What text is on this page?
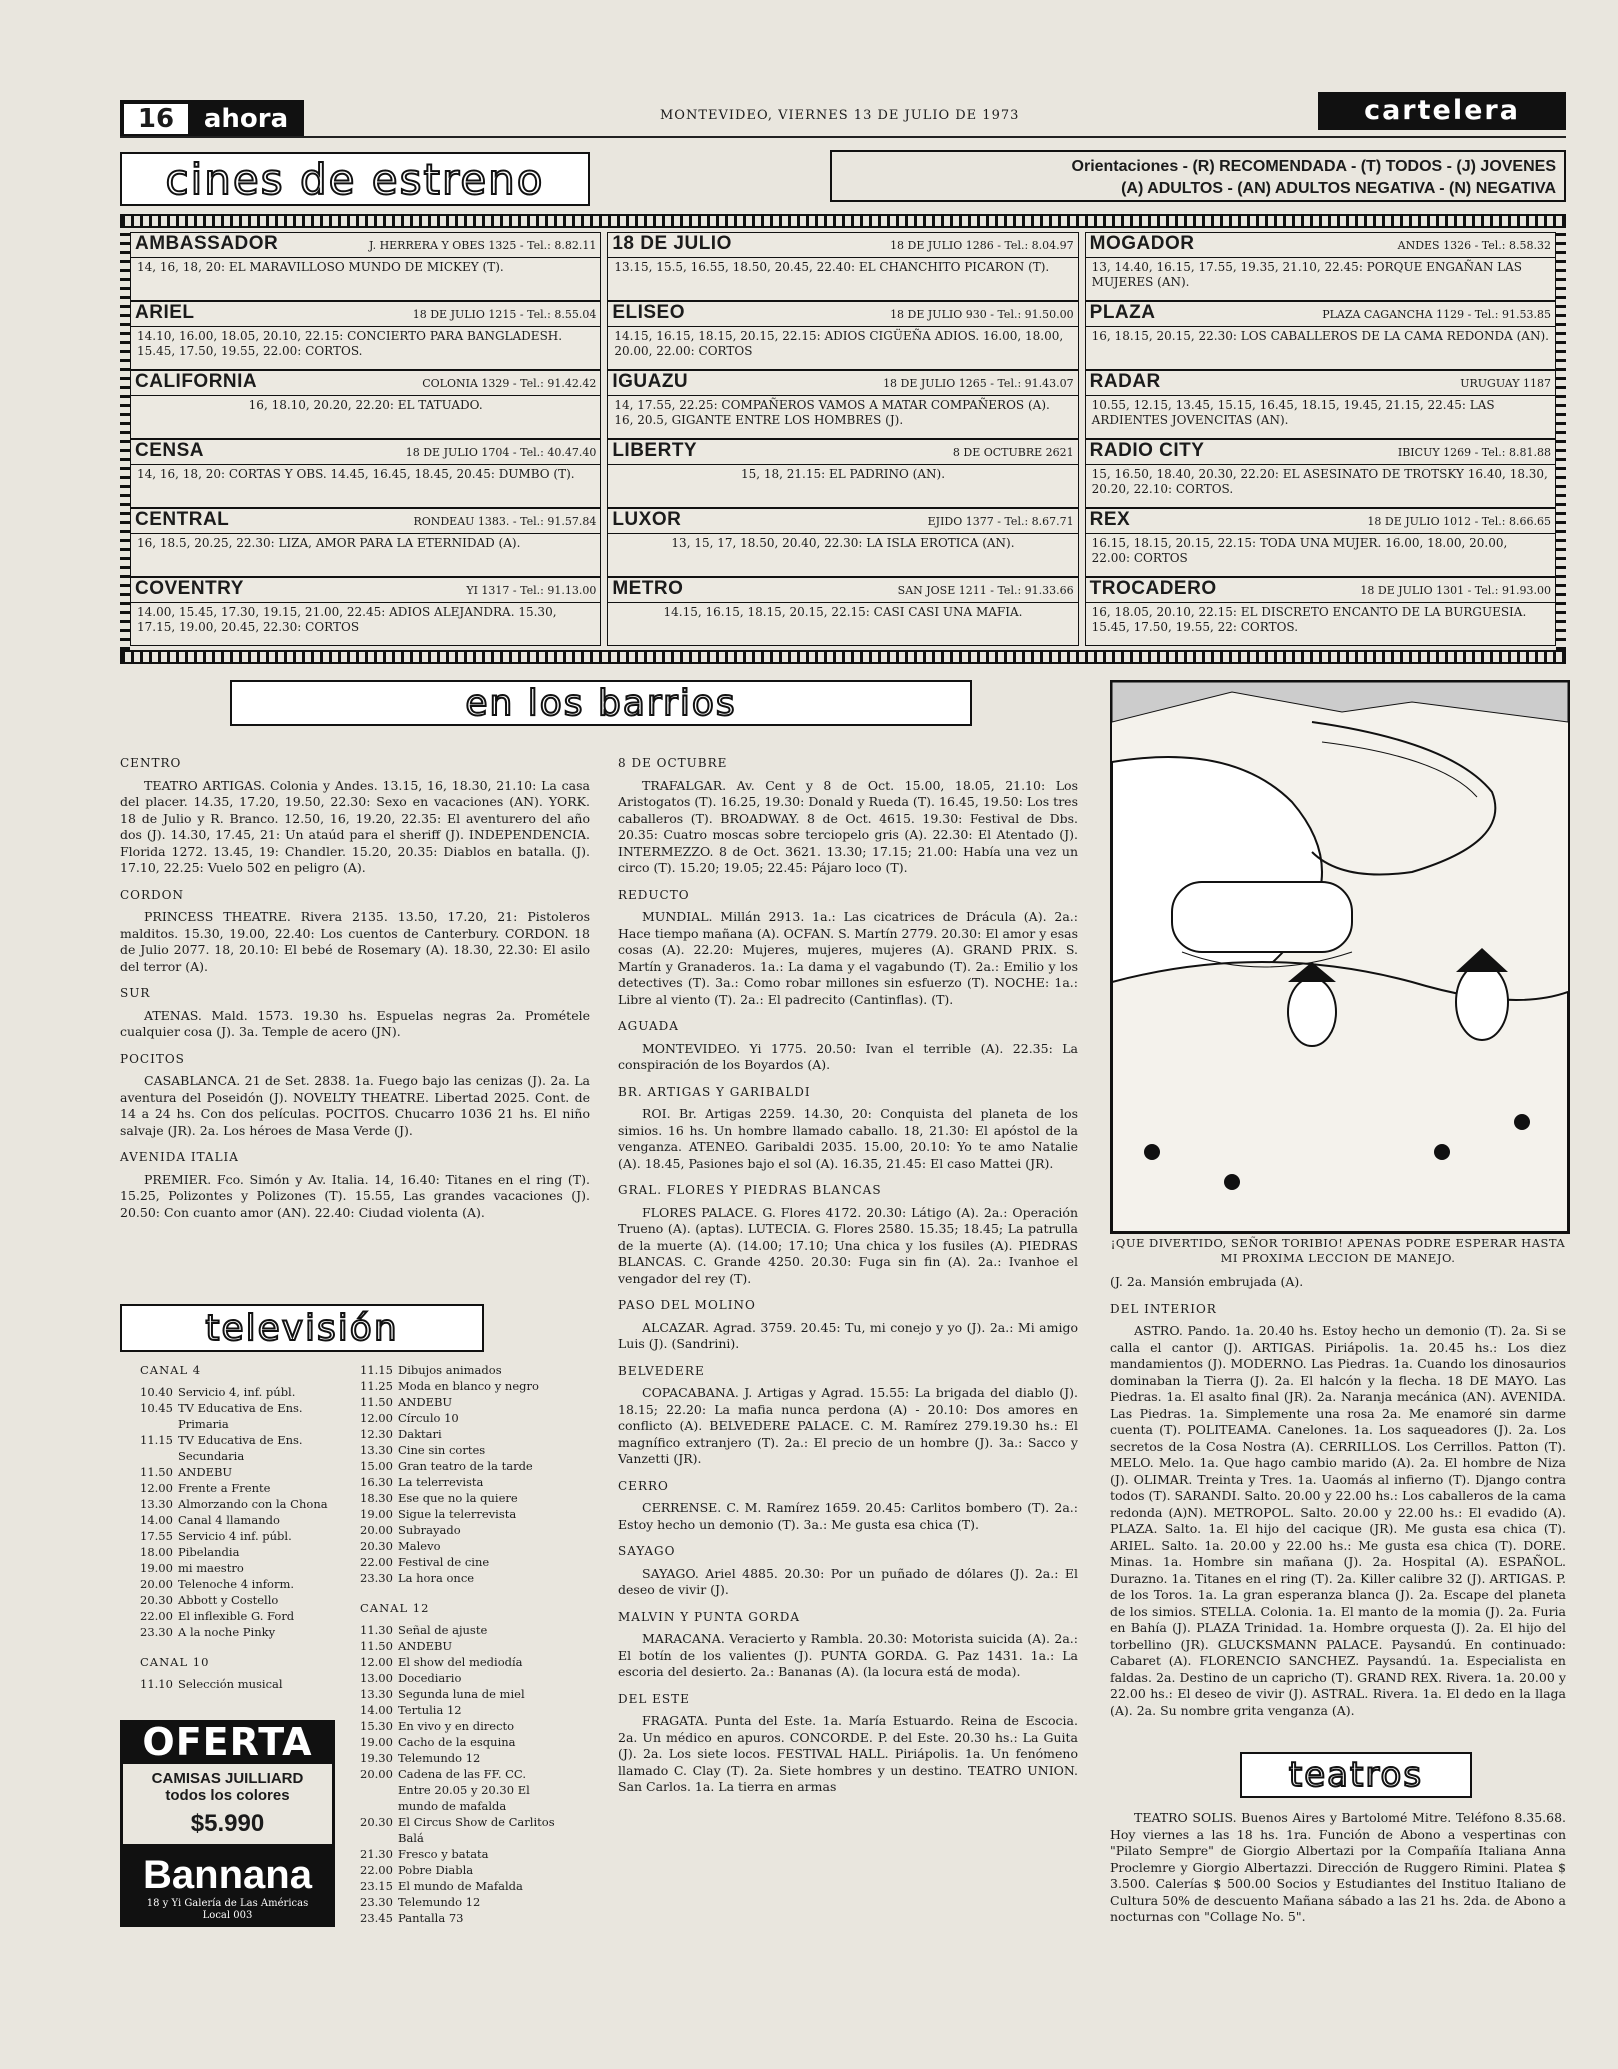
16	ahora	MONTEVIDEO, VIERNES 13 DE JULIO DE 1973	cartelera
cines de estreno	Orientaciones - (R) RECOMENDADA - (T) TODOS - (J) JOVENES
(A) ADULTOS - (AN) ADULTOS NEGATIVA - (N) NEGATIVA
AMBASSADOR	J. HERRERA Y OBES 1325 - Tel.: 8.82.11
14, 16, 18, 20: EL MARAVILLOSO MUNDO DE MICKEY (T).
ARIEL	18 DE JULIO 1215 - Tel.: 8.55.04
14.10, 16.00, 18.05, 20.10, 22.15: CONCIERTO PARA BANGLADESH. 15.45, 17.50, 19.55, 22.00: CORTOS.
CALIFORNIA	COLONIA 1329 - Tel.: 91.42.42
16, 18.10, 20.20, 22.20: EL TATUADO.
CENSA	18 DE JULIO 1704 - Tel.: 40.47.40
14, 16, 18, 20: CORTAS Y OBS. 14.45, 16.45, 18.45, 20.45: DUMBO (T).
CENTRAL	RONDEAU 1383. - Tel.: 91.57.84
16, 18.5, 20.25, 22.30: LIZA, AMOR PARA LA ETERNIDAD (A).
COVENTRY	YI 1317 - Tel.: 91.13.00
14.00, 15.45, 17.30, 19.15, 21.00, 22.45: ADIOS ALEJANDRA. 15.30, 17.15, 19.00, 20.45, 22.30: CORTOS
18 DE JULIO	18 DE JULIO 1286 - Tel.: 8.04.97
13.15, 15.5, 16.55, 18.50, 20.45, 22.40: EL CHANCHITO PICARON (T).
ELISEO	18 DE JULIO 930 - Tel.: 91.50.00
14.15, 16.15, 18.15, 20.15, 22.15: ADIOS CIGÜEÑA ADIOS. 16.00, 18.00, 20.00, 22.00: CORTOS
IGUAZU	18 DE JULIO 1265 - Tel.: 91.43.07
14, 17.55, 22.25: COMPAÑEROS VAMOS A MATAR COMPAÑEROS (A). 16, 20.5, GIGANTE ENTRE LOS HOMBRES (J).
LIBERTY	8 DE OCTUBRE 2621
15, 18, 21.15: EL PADRINO (AN).
LUXOR	EJIDO 1377 - Tel.: 8.67.71
13, 15, 17, 18.50, 20.40, 22.30: LA ISLA EROTICA (AN).
METRO	SAN JOSE 1211 - Tel.: 91.33.66
14.15, 16.15, 18.15, 20.15, 22.15: CASI CASI UNA MAFIA.
MOGADOR	ANDES 1326 - Tel.: 8.58.32
13, 14.40, 16.15, 17.55, 19.35, 21.10, 22.45: PORQUE ENGAÑAN LAS MUJERES (AN).
PLAZA	PLAZA CAGANCHA 1129 - Tel.: 91.53.85
16, 18.15, 20.15, 22.30: LOS CABALLEROS DE LA CAMA REDONDA (AN).
RADAR	URUGUAY 1187
10.55, 12.15, 13.45, 15.15, 16.45, 18.15, 19.45, 21.15, 22.45: LAS ARDIENTES JOVENCITAS (AN).
RADIO CITY	IBICUY 1269 - Tel.: 8.81.88
15, 16.50, 18.40, 20.30, 22.20: EL ASESINATO DE TROTSKY 16.40, 18.30, 20.20, 22.10: CORTOS.
REX	18 DE JULIO 1012 - Tel.: 8.66.65
16.15, 18.15, 20.15, 22.15: TODA UNA MUJER. 16.00, 18.00, 20.00, 22.00: CORTOS
TROCADERO	18 DE JULIO 1301 - Tel.: 91.93.00
16, 18.05, 20.10, 22.15: EL DISCRETO ENCANTO DE LA BURGUESIA. 15.45, 17.50, 19.55, 22: CORTOS.
en los barrios
CENTRO

TEATRO ARTIGAS. Colonia y Andes. 13.15, 16, 18.30, 21.10: La casa del placer. 14.35, 17.20, 19.50, 22.30: Sexo en vacaciones (AN). YORK. 18 de Julio y R. Branco. 12.50, 16, 19.20, 22.35: El aventurero del año dos (J). 14.30, 17.45, 21: Un ataúd para el sheriff (J). INDEPENDENCIA. Florida 1272. 13.45, 19: Chandler. 15.20, 20.35: Diablos en batalla. (J). 17.10, 22.25: Vuelo 502 en peligro (A).

CORDON

PRINCESS THEATRE. Rivera 2135. 13.50, 17.20, 21: Pistoleros malditos. 15.30, 19.00, 22.40: Los cuentos de Canterbury. CORDON. 18 de Julio 2077. 18, 20.10: El bebé de Rosemary (A). 18.30, 22.30: El asilo del terror (A).

SUR

ATENAS. Mald. 1573. 19.30 hs. Espuelas negras 2a. Prométele cualquier cosa (J). 3a. Temple de acero (JN).

POCITOS

CASABLANCA. 21 de Set. 2838. 1a. Fuego bajo las cenizas (J). 2a. La aventura del Poseidón (J). NOVELTY THEATRE. Libertad 2025. Cont. de 14 a 24 hs. Con dos películas. POCITOS. Chucarro 1036 21 hs. El niño salvaje (JR). 2a. Los héroes de Masa Verde (J).

AVENIDA ITALIA

PREMIER. Fco. Simón y Av. Italia. 14, 16.40: Titanes en el ring (T). 15.25, Polizontes y Polizones (T). 15.55, Las grandes vacaciones (J). 20.50: Con cuanto amor (AN). 22.40: Ciudad violenta (A).

8 DE OCTUBRE

TRAFALGAR. Av. Cent y 8 de Oct. 15.00, 18.05, 21.10: Los Aristogatos (T). 16.25, 19.30: Donald y Rueda (T). 16.45, 19.50: Los tres caballeros (T). BROADWAY. 8 de Oct. 4615. 19.30: Festival de Dbs. 20.35: Cuatro moscas sobre terciopelo gris (A). 22.30: El Atentado (J). INTERMEZZO. 8 de Oct. 3621. 13.30; 17.15; 21.00: Había una vez un circo (T). 15.20; 19.05; 22.45: Pájaro loco (T).

REDUCTO

MUNDIAL. Millán 2913. 1a.: Las cicatrices de Drácula (A). 2a.: Hace tiempo mañana (A). OCFAN. S. Martín 2779. 20.30: El amor y esas cosas (A). 22.20: Mujeres, mujeres, mujeres (A). GRAND PRIX. S. Martín y Granaderos. 1a.: La dama y el vagabundo (T). 2a.: Emilio y los detectives (T). 3a.: Como robar millones sin esfuerzo (T). NOCHE: 1a.: Libre al viento (T). 2a.: El padrecito (Cantinflas). (T).

AGUADA

MONTEVIDEO. Yi 1775. 20.50: Ivan el terrible (A). 22.35: La conspiración de los Boyardos (A).

BR. ARTIGAS Y GARIBALDI

ROI. Br. Artigas 2259. 14.30, 20: Conquista del planeta de los simios. 16 hs. Un hombre llamado caballo. 18, 21.30: El apóstol de la venganza. ATENEO. Garibaldi 2035. 15.00, 20.10: Yo te amo Natalie (A). 18.45, Pasiones bajo el sol (A). 16.35, 21.45: El caso Mattei (JR).

GRAL. FLORES Y PIEDRAS BLANCAS

FLORES PALACE. G. Flores 4172. 20.30: Látigo (A). 2a.: Operación Trueno (A). (aptas). LUTECIA. G. Flores 2580. 15.35; 18.45; La patrulla de la muerte (A). (14.00; 17.10; Una chica y los fusiles (A). PIEDRAS BLANCAS. C. Grande 4250. 20.30: Fuga sin fin (A). 2a.: Ivanhoe el vengador del rey (T).

PASO DEL MOLINO

ALCAZAR. Agrad. 3759. 20.45: Tu, mi conejo y yo (J). 2a.: Mi amigo Luis (J). (Sandrini).

BELVEDERE

COPACABANA. J. Artigas y Agrad. 15.55: La brigada del diablo (J). 18.15; 22.20: La mafia nunca perdona (A) - 20.10: Dos amores en conflicto (A). BELVEDERE PALACE. C. M. Ramírez 279.19.30 hs.: El magnífico extranjero (T). 2a.: El precio de un hombre (J). 3a.: Sacco y Vanzetti (JR).

CERRO

CERRENSE. C. M. Ramírez 1659. 20.45: Carlitos bombero (T). 2a.: Estoy hecho un demonio (T). 3a.: Me gusta esa chica (T).

SAYAGO

SAYAGO. Ariel 4885. 20.30: Por un puñado de dólares (J). 2a.: El deseo de vivir (J).

MALVIN Y PUNTA GORDA

MARACANA. Veracierto y Rambla. 20.30: Motorista suicida (A). 2a.: El botín de los valientes (J). PUNTA GORDA. G. Paz 1431. 1a.: La escoria del desierto. 2a.: Bananas (A). (la locura está de moda).

DEL ESTE

FRAGATA. Punta del Este. 1a. María Estuardo. Reina de Escocia. 2a. Un médico en apuros. CONCORDE. P. del Este. 20.30 hs.: La Guita (J). 2a. Los siete locos. FESTIVAL HALL. Piriápolis. 1a. Un fenómeno llamado C. Clay (T). 2a. Siete hombres y un destino. TEATRO UNION. San Carlos. 1a. La tierra en armas

televisión
CANAL 4
10.40 Servicio 4, inf. públ.
10.45 TV Educativa de Ens. Primaria
11.15 TV Educativa de Ens. Secundaria
11.50 ANDEBU
12.00 Frente a Frente
13.30 Almorzando con la Chona
14.00 Canal 4 llamando
17.55 Servicio 4 inf. públ.
18.00 Pibelandia
19.00 mi maestro
20.00 Telenoche 4 inform.
20.30 Abbott y Costello
22.00 El inflexible G. Ford
23.30 A la noche Pinky
CANAL 10
11.10 Selección musical
11.15 Dibujos animados
11.25 Moda en blanco y negro
11.50 ANDEBU
12.00 Círculo 10
12.30 Daktari
13.30 Cine sin cortes
15.00 Gran teatro de la tarde
16.30 La telerrevista
18.30 Ese que no la quiere
19.00 Sigue la telerrevista
20.00 Subrayado
20.30 Malevo
22.00 Festival de cine
23.30 La hora once
CANAL 12
11.30 Señal de ajuste
11.50 ANDEBU
12.00 El show del mediodía
13.00 Docediario
13.30 Segunda luna de miel
14.00 Tertulia 12
15.30 En vivo y en directo
19.00 Cacho de la esquina
19.30 Telemundo 12
20.00 Cadena de las FF. CC. Entre 20.05 y 20.30 El mundo de mafalda
20.30 El Circus Show de Carlitos Balá
21.30 Fresco y batata
22.00 Pobre Diabla
23.15 El mundo de Mafalda
23.30 Telemundo 12
23.45 Pantalla 73
OFERTA
CAMISAS JUILLIARD
todos los colores
$5.990
Bannana
18 y Yi Galería de Las Américas
Local 003
¡QUE DIVERTIDO, SEÑOR TORIBIO! APENAS PODRE ESPERAR HASTA MI PROXIMA LECCION DE MANEJO.

(J. 2a. Mansión embrujada (A).

DEL INTERIOR

ASTRO. Pando. 1a. 20.40 hs. Estoy hecho un demonio (T). 2a. Si se calla el cantor (J). ARTIGAS. Piriápolis. 1a. 20.45 hs.: Los diez mandamientos (J). MODERNO. Las Piedras. 1a. Cuando los dinosaurios dominaban la Tierra (J). 2a. El halcón y la flecha. 18 DE MAYO. Las Piedras. 1a. El asalto final (JR). 2a. Naranja mecánica (AN). AVENIDA. Las Piedras. 1a. Simplemente una rosa 2a. Me enamoré sin darme cuenta (T). POLITEAMA. Canelones. 1a. Los saqueadores (J). 2a. Los secretos de la Cosa Nostra (A). CERRILLOS. Los Cerrillos. Patton (T). MELO. Melo. 1a. Que hago cambio marido (A). 2a. El hombre de Niza (J). OLIMAR. Treinta y Tres. 1a. Uaomás al infierno (T). Django contra todos (T). SARANDI. Salto. 20.00 y 22.00 hs.: Los caballeros de la cama redonda (A)N). METROPOL. Salto. 20.00 y 22.00 hs.: El evadido (A). PLAZA. Salto. 1a. El hijo del cacique (JR). Me gusta esa chica (T). ARIEL. Salto. 1a. 20.00 y 22.00 hs.: Me gusta esa chica (T). DORE. Minas. 1a. Hombre sin mañana (J). 2a. Hospital (A). ESPAÑOL. Durazno. 1a. Titanes en el ring (T). 2a. Killer calibre 32 (J). ARTIGAS. P. de los Toros. 1a. La gran esperanza blanca (J). 2a. Escape del planeta de los simios. STELLA. Colonia. 1a. El manto de la momia (J). 2a. Furia en Bahía (J). PLAZA Trinidad. 1a. Hombre orquesta (J). 2a. El hijo del torbellino (JR). GLUCKSMANN PALACE. Paysandú. En continuado: Cabaret (A). FLORENCIO SANCHEZ. Paysandú. 1a. Especialista en faldas. 2a. Destino de un capricho (T). GRAND REX. Rivera. 1a. 20.00 y 22.00 hs.: El deseo de vivir (J). ASTRAL. Rivera. 1a. El dedo en la llaga (A). 2a. Su nombre grita venganza (A).

teatros

TEATRO SOLIS. Buenos Aires y Bartolomé Mitre. Teléfono 8.35.68. Hoy viernes a las 18 hs. 1ra. Función de Abono a vespertinas con "Pilato Sempre" de Giorgio Albertazi por la Compañía Italiana Anna Proclemre y Giorgio Albertazzi. Dirección de Ruggero Rimini. Platea $ 3.500. Calerías $ 500.00 Socios y Estudiantes del Instituo Italiano de Cultura 50% de descuento Mañana sábado a las 21 hs. 2da. de Abono a nocturnas con "Collage No. 5".
